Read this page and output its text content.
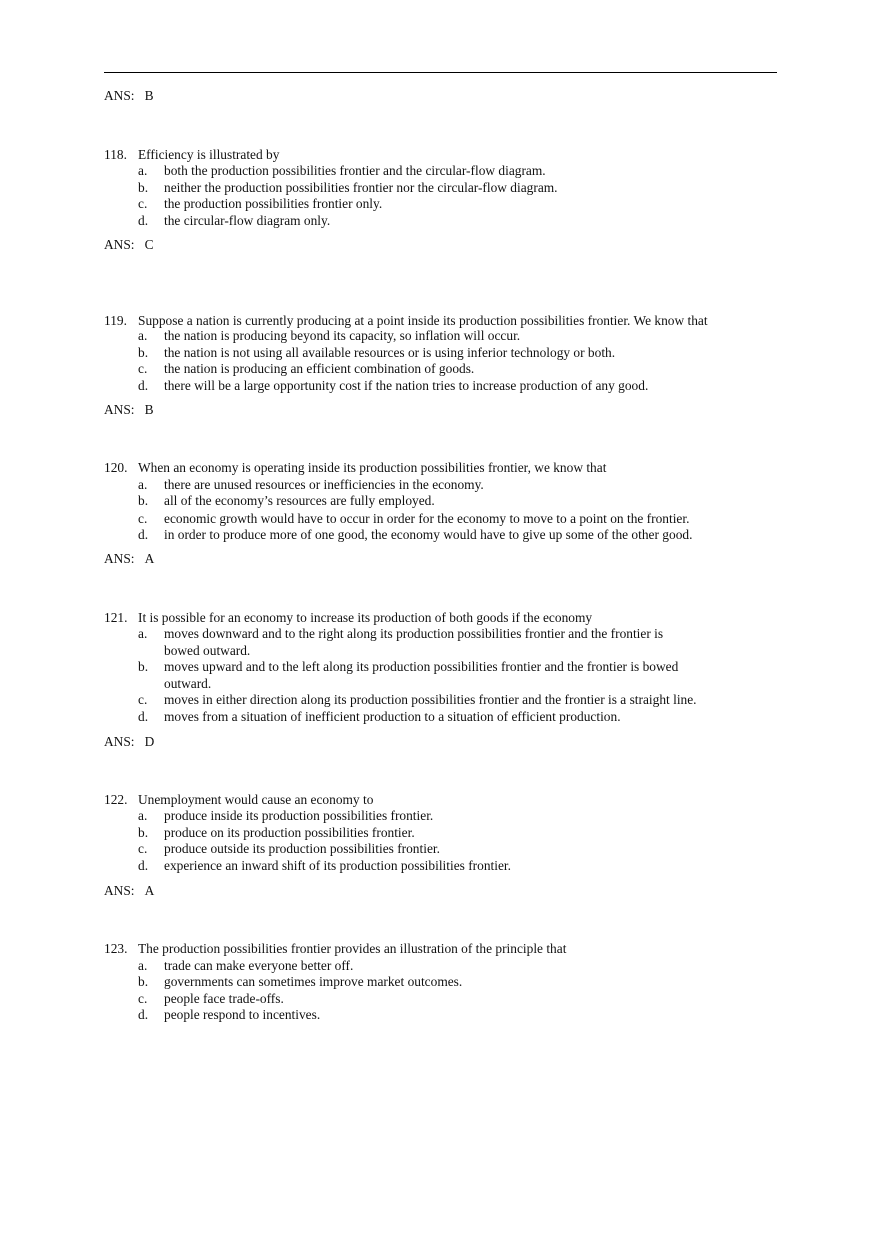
ANS: B
118. Efficiency is illustrated by
a. both the production possibilities frontier and the circular-flow diagram.
b. neither the production possibilities frontier nor the circular-flow diagram.
c. the production possibilities frontier only.
d. the circular-flow diagram only.
ANS: C
119. Suppose a nation is currently producing at a point inside its production possibilities frontier. We know that
a. the nation is producing beyond its capacity, so inflation will occur.
b. the nation is not using all available resources or is using inferior technology or both.
c. the nation is producing an efficient combination of goods.
d. there will be a large opportunity cost if the nation tries to increase production of any good.
ANS: B
120. When an economy is operating inside its production possibilities frontier, we know that
a. there are unused resources or inefficiencies in the economy.
b. all of the economy’s resources are fully employed.
c. economic growth would have to occur in order for the economy to move to a point on the frontier.
d. in order to produce more of one good, the economy would have to give up some of the other good.
ANS: A
121. It is possible for an economy to increase its production of both goods if the economy
a. moves downward and to the right along its production possibilities frontier and the frontier is
bowed outward.
b. moves upward and to the left along its production possibilities frontier and the frontier is bowed
outward.
c. moves in either direction along its production possibilities frontier and the frontier is a straight line.
d. moves from a situation of inefficient production to a situation of efficient production.
ANS: D
122. Unemployment would cause an economy to
a. produce inside its production possibilities frontier.
b. produce on its production possibilities frontier.
c. produce outside its production possibilities frontier.
d. experience an inward shift of its production possibilities frontier.
ANS: A
123. The production possibilities frontier provides an illustration of the principle that
a. trade can make everyone better off.
b. governments can sometimes improve market outcomes.
c. people face trade-offs.
d. people respond to incentives.
